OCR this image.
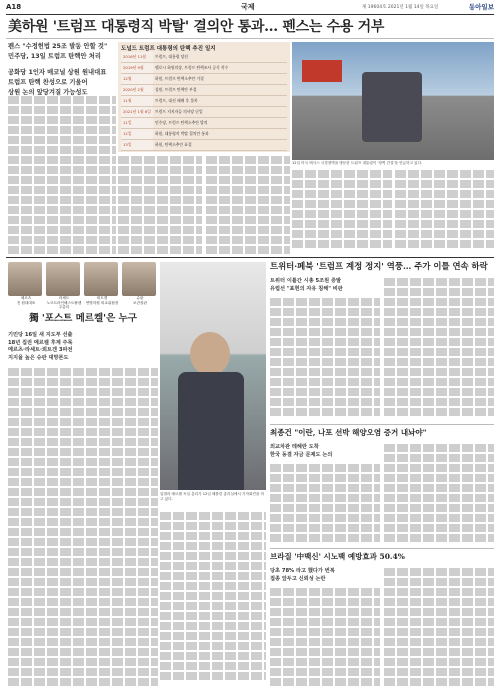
A18	국제	제 19604호 2021년 1월 14일 목요일	동아일보
美하원 '트럼프 대통령직 박탈' 결의안 통과… 펜스는 수용 거부
펜스 "수정헌법 25조 발동 안할 것"
민주당, 13일 트럼프 탄핵안 처리
공화당 1인자 매코널 상원 원내대표
트럼프 탄핵 찬성으로 기울어
상원 논의 앞당겨질 가능성도
도널드 트럼프 대통령의 탄핵 추진 일지
2016년 11월	트럼프, 대통령 당선
2019년 9월	펠로시 하원의장, 트럼프 탄핵조사 공식 착수
12월	하원, 트럼프 탄핵소추안 가결
2020년 2월	상원, 트럼프 탄핵안 부결
11월	트럼프, 대선 패배 후 불복
2021년 1월 6일	트럼프 지지자들 의사당 난입
11일	민주당, 트럼프 탄핵소추안 발의
12일	하원, 대통령직 박탈 결의안 통과
13일	하원, 탄핵소추안 표결
12일 미국 텍사스 국경장벽을 방문한 트럼프 대통령이 '장벽 건설'을 언급하고 있다.
메르츠
전 원내대표
라셰트
노르트라인베스트팔렌 주총리
뢰트겐
연방하원 외교위원장
슈판
보건장관
獨 '포스트 메르켈'은 누구
기민당 16일 새 지도부 선출
18년 집권 메르켈 후계 주목
메르츠·라셰트·뢰트겐 3파전
지지율 높은 슈판 대망론도
앙겔라 메르켈 독일 총리가 12일 베를린 총리실에서 기자회견을 하고 있다.
트위터·페북 '트럼프 계정 정지' 역풍… 주가 이틀 연속 하락
트위터 이틀간 시총 5조원 증발
유럽선 "표현의 자유 침해" 비판
최종건 "이란, 나포 선박 해양오염 증거 내놔야"
외교차관 테헤란 도착
한국 동결 자금 문제도 논의
브라질 '中백신' 시노백 예방효과 50.4%
당초 78% 라고 했다가 번복
접종 앞두고 신뢰성 논란
